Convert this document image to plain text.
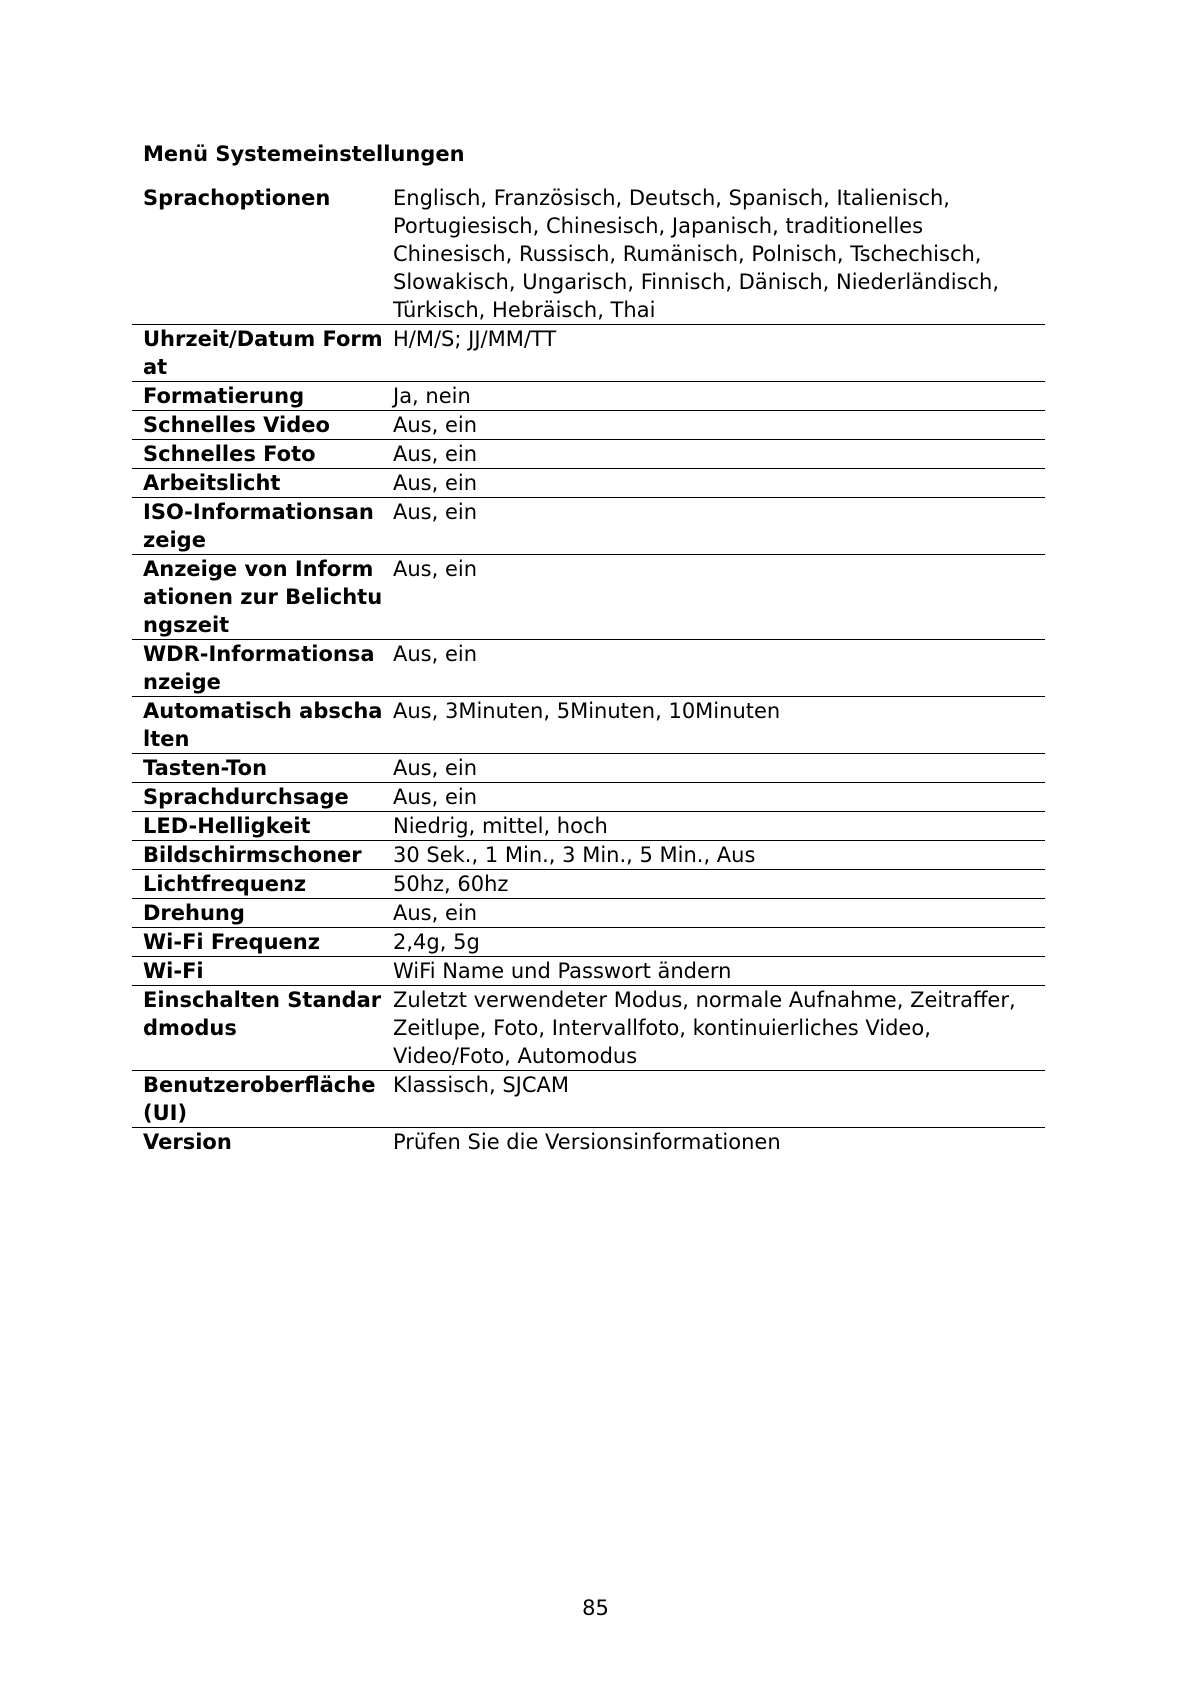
Menü Systemeinstellungen
Sprachoptionen	Englisch, Französisch, Deutsch, Spanisch, Italienisch, Portugiesisch, Chinesisch, Japanisch, traditionelles Chinesisch, Russisch, Rumänisch, Polnisch, Tschechisch, Slowakisch, Ungarisch, Finnisch, Dänisch, Niederländisch, Türkisch, Hebräisch, Thai
Uhrzeit/Datum Format	H/M/S; JJ/MM/TT
Formatierung	Ja, nein
Schnelles Video	Aus, ein
Schnelles Foto	Aus, ein
Arbeitslicht	Aus, ein
ISO-Informationsanzeige	Aus, ein
Anzeige von Informationen zur Belichtungszeit	Aus, ein
WDR-Informationsanzeige	Aus, ein
Automatisch abschalten	Aus, 3Minuten, 5Minuten, 10Minuten
Tasten-Ton	Aus, ein
Sprachdurchsage	Aus, ein
LED-Helligkeit	Niedrig, mittel, hoch
Bildschirmschoner	30 Sek., 1 Min., 3 Min., 5 Min., Aus
Lichtfrequenz	50hz, 60hz
Drehung	Aus, ein
Wi-Fi Frequenz	2,4g, 5g
Wi-Fi	WiFi Name und Passwort ändern
Einschalten Standardmodus	Zuletzt verwendeter Modus, normale Aufnahme, Zeitraffer, Zeitlupe, Foto, Intervallfoto, kontinuierliches Video, Video/Foto, Automodus
Benutzeroberfläche (UI)	Klassisch, SJCAM
Version	Prüfen Sie die Versionsinformationen
85
